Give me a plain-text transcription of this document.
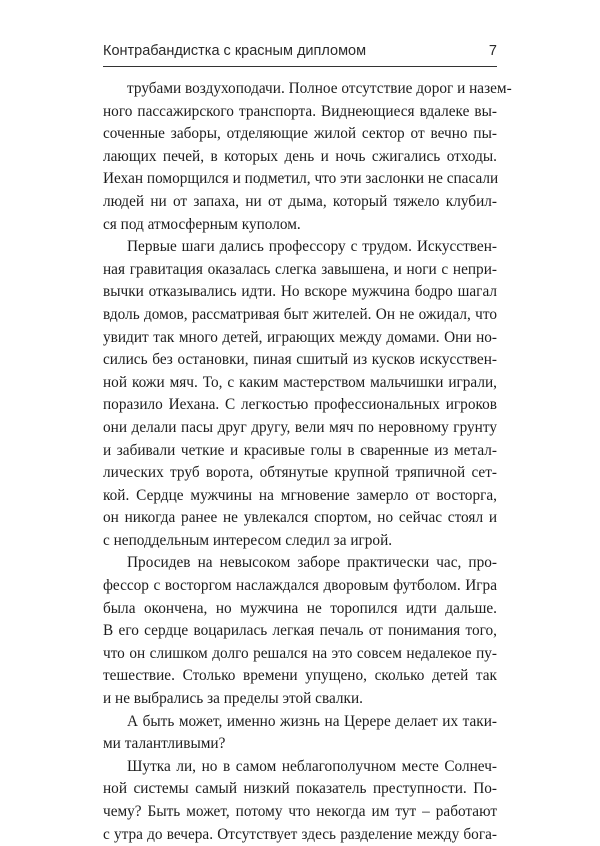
Контрабандистка с красным дипломом	7

трубами воздухоподачи. Полное отсутствие дорог и назем-
ного пассажирского транспорта. Виднеющиеся вдалеке вы-
соченные заборы, отделяющие жилой сектор от вечно пы-
лающих печей, в которых день и ночь сжигались отходы.
Иехан поморщился и подметил, что эти заслонки не спасали
людей ни от запаха, ни от дыма, который тяжело клубил-
ся под атмосферным куполом.

Первые шаги дались профессору с трудом. Искусствен-
ная гравитация оказалась слегка завышена, и ноги с непри-
вычки отказывались идти. Но вскоре мужчина бодро шагал
вдоль домов, рассматривая быт жителей. Он не ожидал, что
увидит так много детей, играющих между домами. Они но-
сились без остановки, пиная сшитый из кусков искусствен-
ной кожи мяч. То, с каким мастерством мальчишки играли,
поразило Иехана. С легкостью профессиональных игроков
они делали пасы друг другу, вели мяч по неровному грунту
и забивали четкие и красивые голы в сваренные из метал-
лических труб ворота, обтянутые крупной тряпичной сет-
кой. Сердце мужчины на мгновение замерло от восторга,
он никогда ранее не увлекался спортом, но сейчас стоял и
с неподдельным интересом следил за игрой.

Просидев на невысоком заборе практически час, про-
фессор с восторгом наслаждался дворовым футболом. Игра
была окончена, но мужчина не торопился идти дальше.
В его сердце воцарилась легкая печаль от понимания того,
что он слишком долго решался на это совсем недалекое пу-
тешествие. Столько времени упущено, сколько детей так
и не выбрались за пределы этой свалки.

А быть может, именно жизнь на Церере делает их таки-
ми талантливыми?

Шутка ли, но в самом неблагополучном месте Солнеч-
ной системы самый низкий показатель преступности. По-
чему? Быть может, потому что некогда им тут – работают
с утра до вечера. Отсутствует здесь разделение между бога-
